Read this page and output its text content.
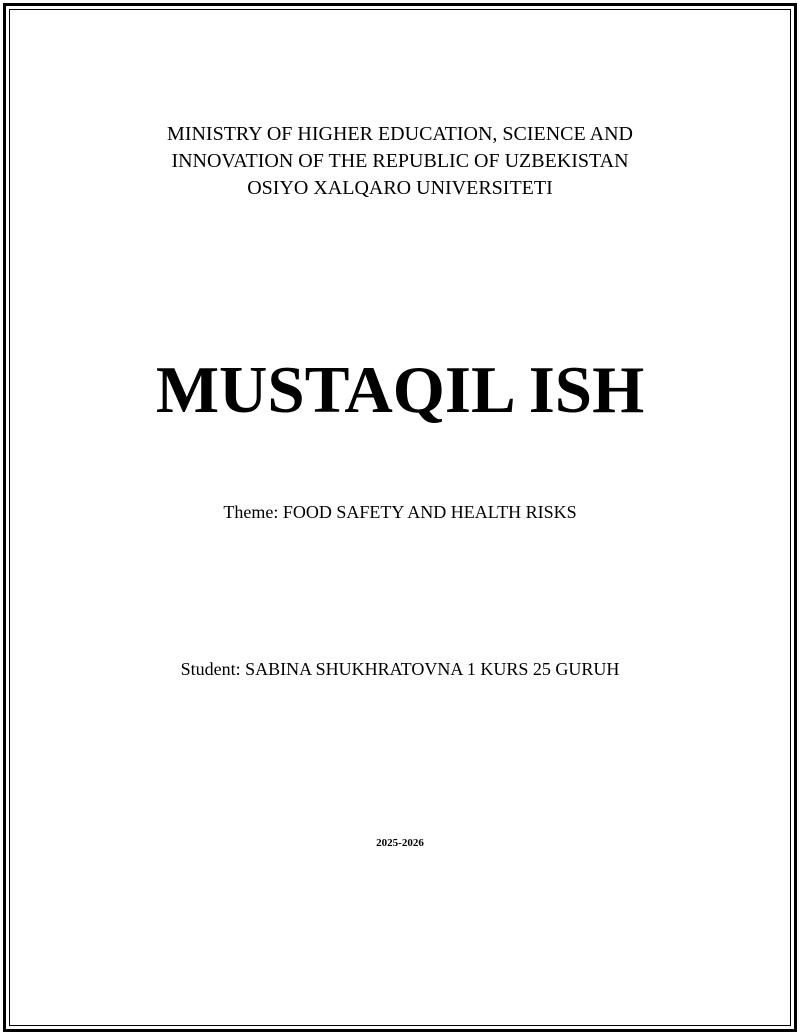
MINISTRY OF HIGHER EDUCATION, SCIENCE AND
INNOVATION OF THE REPUBLIC OF UZBEKISTAN
OSIYO XALQARO UNIVERSITETI
MUSTAQIL ISH
Theme: FOOD SAFETY AND HEALTH RISKS
Student: SABINA SHUKHRATOVNA 1 KURS 25 GURUH
2025-2026
